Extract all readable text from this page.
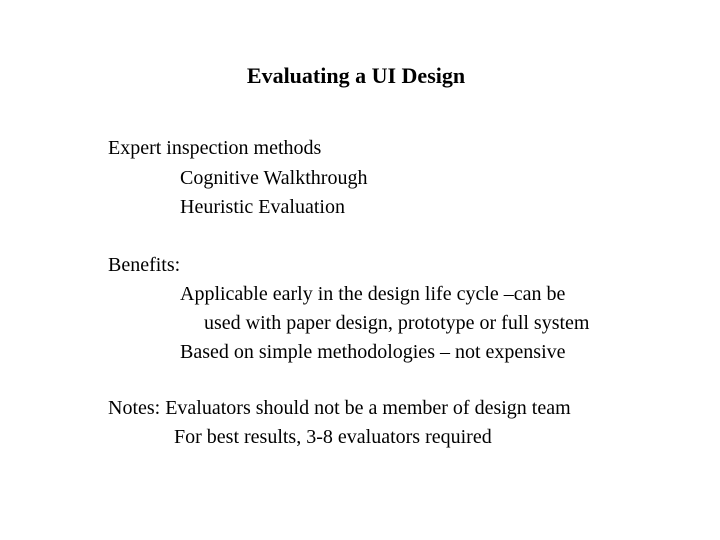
Evaluating a UI Design
Expert inspection methods
Cognitive Walkthrough
Heuristic Evaluation
Benefits:
Applicable early in the design life cycle –can be
used with paper design, prototype or full system
Based on simple methodologies – not expensive
Notes: Evaluators should not be a member of design team
For best results, 3-8 evaluators required
